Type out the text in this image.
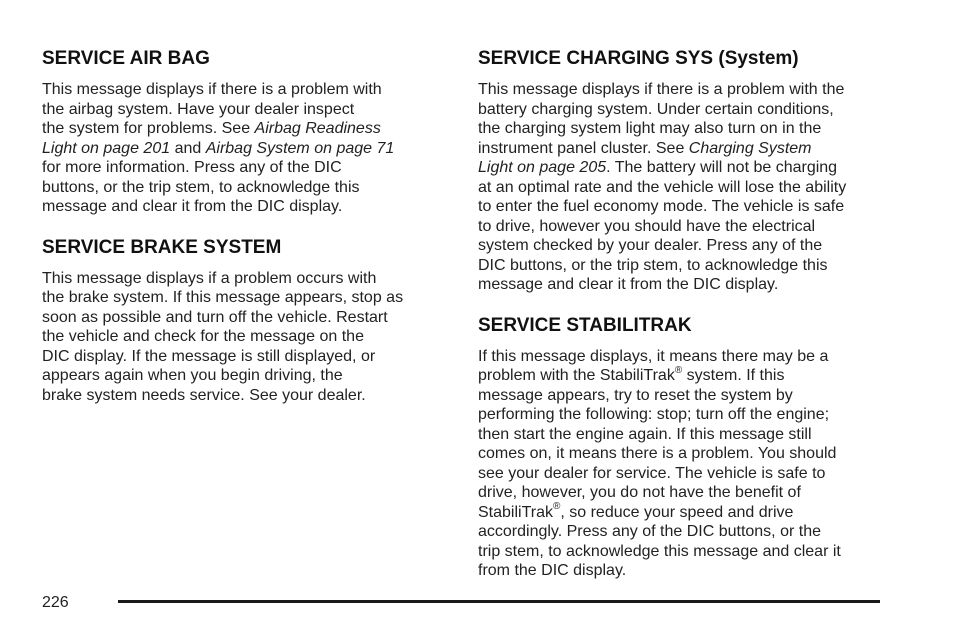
SERVICE AIR BAG

This message displays if there is a problem with
the airbag system. Have your dealer inspect
the system for problems. See Airbag Readiness
Light on page 201 and Airbag System on page 71
for more information. Press any of the DIC
buttons, or the trip stem, to acknowledge this
message and clear it from the DIC display.

SERVICE BRAKE SYSTEM

This message displays if a problem occurs with
the brake system. If this message appears, stop as
soon as possible and turn off the vehicle. Restart
the vehicle and check for the message on the
DIC display. If the message is still displayed, or
appears again when you begin driving, the
brake system needs service. See your dealer.

SERVICE CHARGING SYS (System)

This message displays if there is a problem with the
battery charging system. Under certain conditions,
the charging system light may also turn on in the
instrument panel cluster. See Charging System
Light on page 205. The battery will not be charging
at an optimal rate and the vehicle will lose the ability
to enter the fuel economy mode. The vehicle is safe
to drive, however you should have the electrical
system checked by your dealer. Press any of the
DIC buttons, or the trip stem, to acknowledge this
message and clear it from the DIC display.

SERVICE STABILITRAK

If this message displays, it means there may be a
problem with the StabiliTrak® system. If this
message appears, try to reset the system by
performing the following: stop; turn off the engine;
then start the engine again. If this message still
comes on, it means there is a problem. You should
see your dealer for service. The vehicle is safe to
drive, however, you do not have the benefit of
StabiliTrak®, so reduce your speed and drive
accordingly. Press any of the DIC buttons, or the
trip stem, to acknowledge this message and clear it
from the DIC display.

226
